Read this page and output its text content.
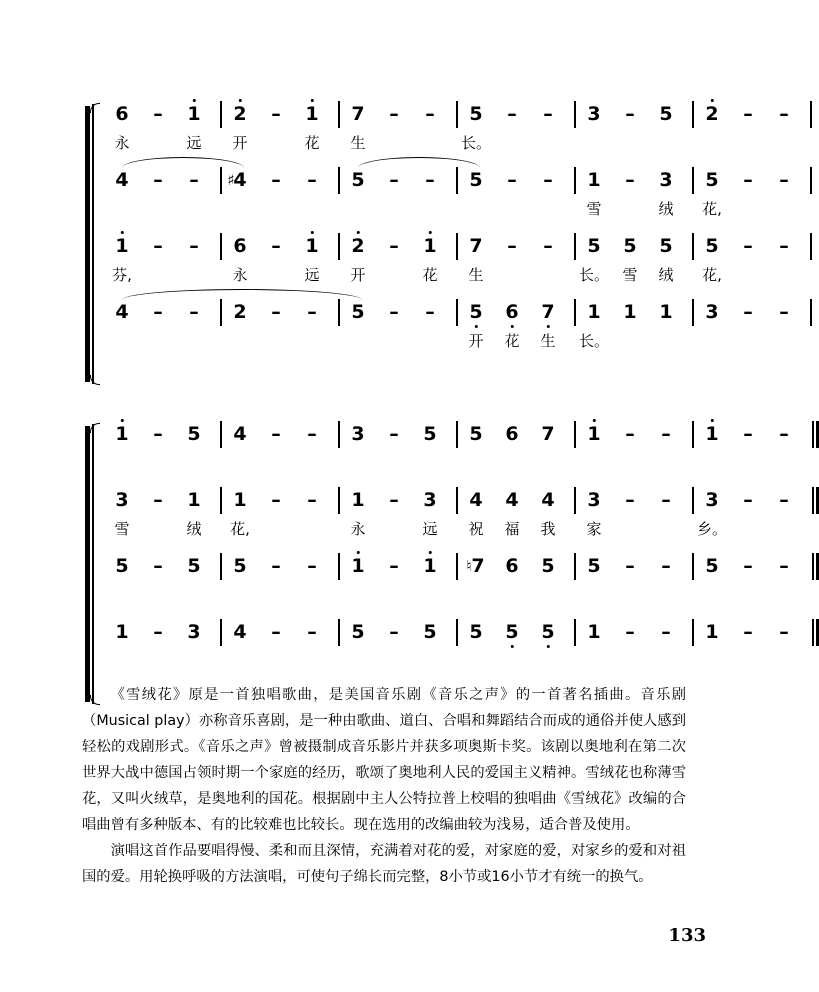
6 – 1 2 – 1 7 – – 5 – – 3 – 5 2 – –
永	远 开	花 生	长。
4 – – ♯
4 – – 5 – – 5 – – 1 – 3 5 – –
雪	绒 花,
1 – – 6 – 1 2 – 1 7 – – 5 5 5 5 – –
芬,	永	远 开	花 生	长。 雪 绒 花,
4 – – 2 – – 5 – – 5 6 7 1 1 1 3 – –
开 花 生 长。
1 – 5 4 – – 3 – 5 5 6 7 1 – – 1 – –
3 – 1 1 – – 1 – 3 4 4 4 3 – – 3 – –
雪	绒 花,	永	远 祝 福 我 家	乡。
5 – 5 5 – – 1 – 1 ♮ 7 6 5 5 – – 5 – –
1 – 3 4 – – 5 – 5 5 5 5 1 – – 1 – –

《雪绒花》原是一首独唱歌曲，是美国音乐剧《音乐之声》的一首著名插曲。音乐剧（Musical play）亦称音乐喜剧，是一种由歌曲、道白、合唱和舞蹈结合而成的通俗并使人感到轻松的戏剧形式。《音乐之声》曾被摄制成音乐影片并获多项奥斯卡奖。该剧以奥地利在第二次世界大战中德国占领时期一个家庭的经历，歌颂了奥地利人民的爱国主义精神。雪绒花也称薄雪花，又叫火绒草，是奥地利的国花。根据剧中主人公特拉普上校唱的独唱曲《雪绒花》改编的合唱曲曾有多种版本、有的比较难也比较长。现在选用的改编曲较为浅易，适合普及使用。

演唱这首作品要唱得慢、柔和而且深情，充满着对花的爱，对家庭的爱，对家乡的爱和对祖国的爱。用轮换呼吸的方法演唱，可使句子绵长而完整，8小节或16小节才有统一的换气。

133
